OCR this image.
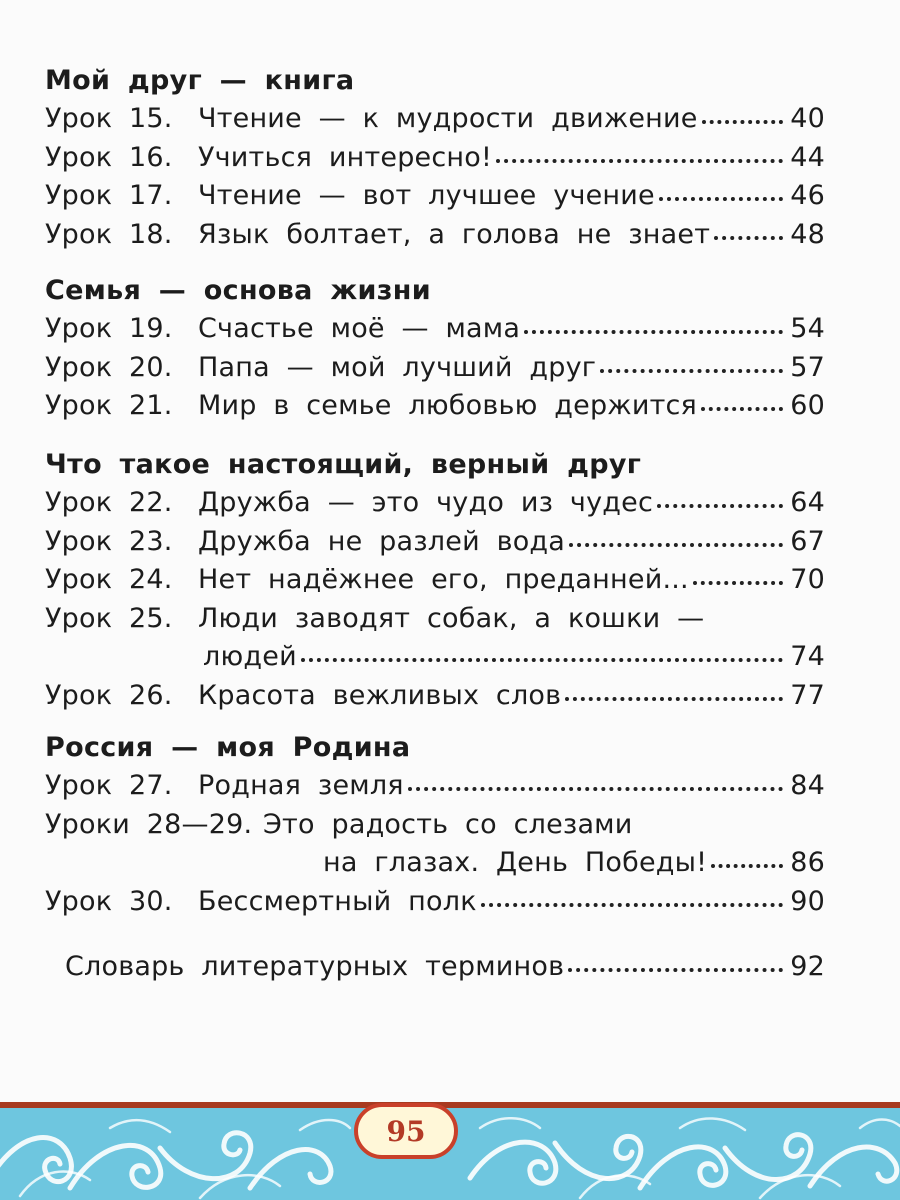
Мой друг — книга
Урок 15. Чтение — к мудрости движение	40
Урок 16. Учиться интересно!	44
Урок 17. Чтение — вот лучшее учение	46
Урок 18. Язык болтает, а голова не знает	48
Семья — основа жизни
Урок 19. Счастье моё — мама	54
Урок 20. Папа — мой лучший друг	57
Урок 21. Мир в семье любовью держится	60
Что такое настоящий, верный друг
Урок 22. Дружба — это чудо из чудес	64
Урок 23. Дружба не разлей вода	67
Урок 24. Нет надёжнее его, преданней...	70
Урок 25. Люди заводят собак, а кошки —
людей	74
Урок 26. Красота вежливых слов	77
Россия — моя Родина
Урок 27. Родная земля	84
Уроки 28—29. Это радость со слезами
на глазах. День Победы!	86
Урок 30. Бессмертный полк	90
Словарь литературных терминов	92
95
